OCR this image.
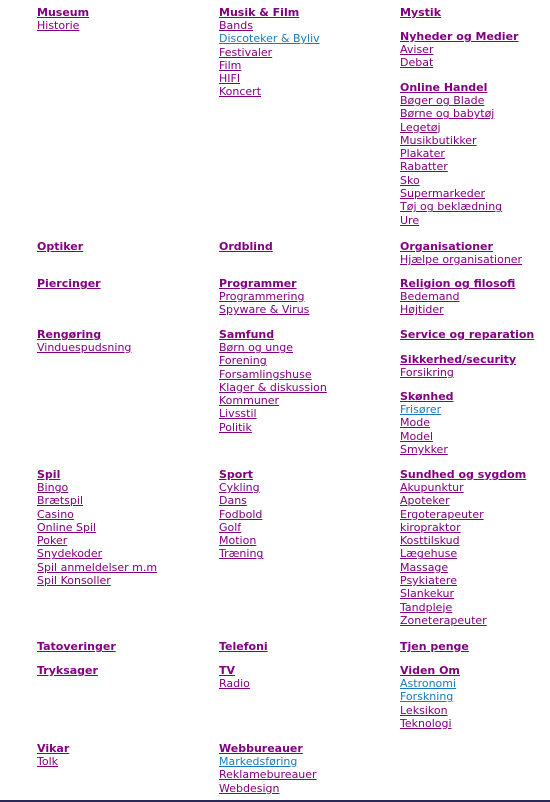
Museum
Historie
Optiker
Piercinger
Rengøring
Vinduespudsning
Spil
Bingo
Brætspil
Casino
Online Spil
Poker
Snydekoder
Spil anmeldelser m.m
Spil Konsoller
Tatoveringer
Tryksager
Vikar
Tolk
Musik & Film
Bands
Discoteker & Byliv
Festivaler
Film
HIFI
Koncert
Ordblind
Programmer
Programmering
Spyware & Virus
Samfund
Børn og unge
Forening
Forsamlingshuse
Klager & diskussion
Kommuner
Livsstil
Politik
Sport
Cykling
Dans
Fodbold
Golf
Motion
Træning
Telefoni
TV
Radio
Webbureauer
Markedsføring
Reklamebureauer
Webdesign
Mystik
Nyheder og Medier
Aviser
Debat
Online Handel
Bøger og Blade
Børne og babytøj
Legetøj
Musikbutikker
Plakater
Rabatter
Sko
Supermarkeder
Tøj og beklædning
Ure
Organisationer
Hjælpe organisationer
Religion og filosofi
Bedemand
Højtider
Service og reparation
Sikkerhed/security
Forsikring
Skønhed
Frisører
Mode
Model
Smykker
Sundhed og sygdom
Akupunktur
Apoteker
Ergoterapeuter
kiropraktor
Kosttilskud
Lægehuse
Massage
Psykiatere
Slankekur
Tandpleje
Zoneterapeuter
Tjen penge
Viden Om
Astronomi
Forskning
Leksikon
Teknologi
